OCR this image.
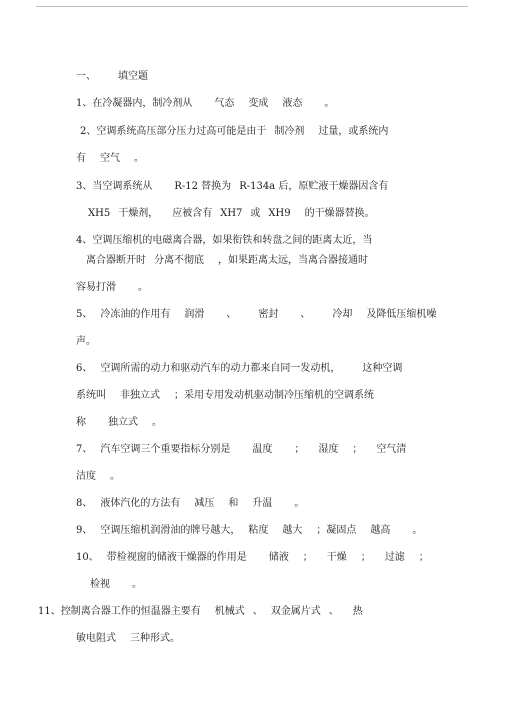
一、 填空题
1、在冷凝器内，制冷剂从 气态 变成 液态 。
2、空调系统高压部分压力过高可能是由于 制冷剂 过量，或系统内
有 空气 。
3、当空调系统从 R-12 替换为 R-134a 后，原贮液干燥器因含有
XH5 干燥剂， 应被含有 XH7 或 XH9 的干燥器替换。
4、空调压缩机的电磁离合器，如果衔铁和转盘之间的距离太近，当
离合器断开时 分离不彻底 ，如果距离太远，当离合器接通时
容易打滑 。
5、 冷冻油的作用有 润滑 、 密封 、 冷却 及降低压缩机噪
声。
6、 空调所需的动力和驱动汽车的动力都来自同一发动机， 这种空调
系统叫 非独立式 ；采用专用发动机驱动制冷压缩机的空调系统
称 独立式 。
7、 汽车空调三个重要指标分别是 温度 ； 湿度 ； 空气清
洁度 。
8、 液体汽化的方法有 减压 和 升温 。
9、 空调压缩机润滑油的牌号越大， 粘度 越大 ；凝固点 越高 。
10、 带检视窗的储液干燥器的作用是 储液 ； 干燥 ； 过滤 ；
检视 。
11、控制离合器工作的恒温器主要有 机械式 、 双金属片式 、 热
敏电阻式 三种形式。
